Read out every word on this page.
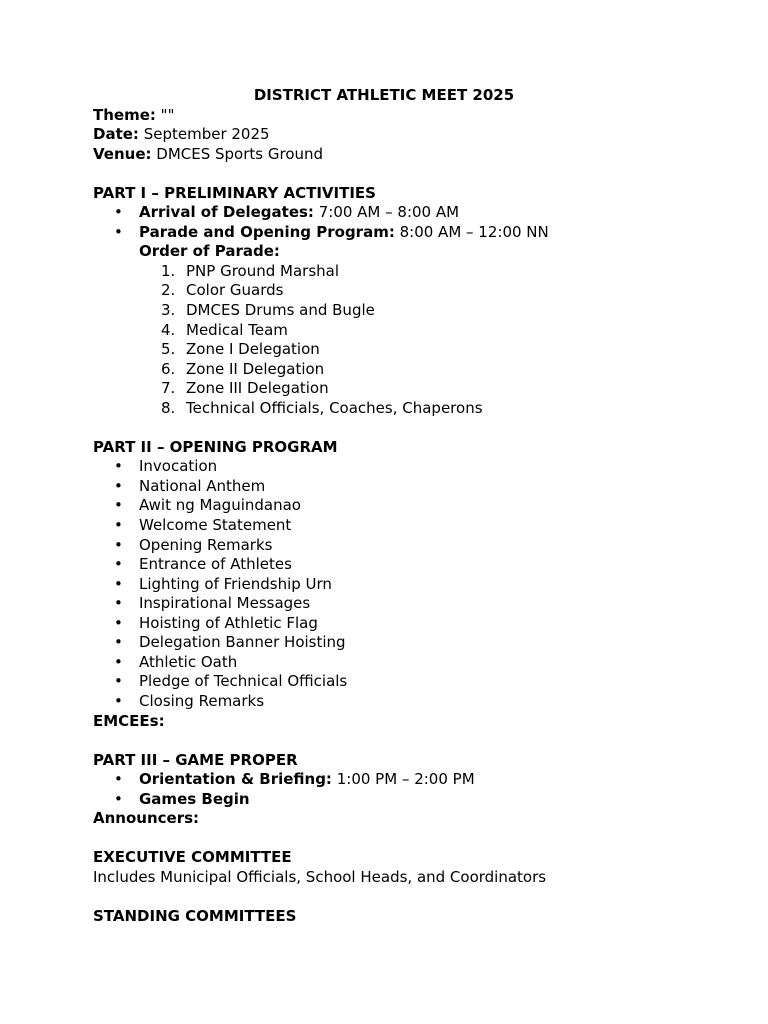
DISTRICT ATHLETIC MEET 2025
Theme: ""
Date: September 2025
Venue: DMCES Sports Ground
PART I – PRELIMINARY ACTIVITIES
• Arrival of Delegates: 7:00 AM – 8:00 AM
• Parade and Opening Program: 8:00 AM – 12:00 NN
Order of Parade:
1. PNP Ground Marshal
2. Color Guards
3. DMCES Drums and Bugle
4. Medical Team
5. Zone I Delegation
6. Zone II Delegation
7. Zone III Delegation
8. Technical Officials, Coaches, Chaperons
PART II – OPENING PROGRAM
• Invocation
• National Anthem
• Awit ng Maguindanao
• Welcome Statement
• Opening Remarks
• Entrance of Athletes
• Lighting of Friendship Urn
• Inspirational Messages
• Hoisting of Athletic Flag
• Delegation Banner Hoisting
• Athletic Oath
• Pledge of Technical Officials
• Closing Remarks
EMCEEs:
PART III – GAME PROPER
• Orientation & Briefing: 1:00 PM – 2:00 PM
• Games Begin
Announcers:
EXECUTIVE COMMITTEE
Includes Municipal Officials, School Heads, and Coordinators
STANDING COMMITTEES
